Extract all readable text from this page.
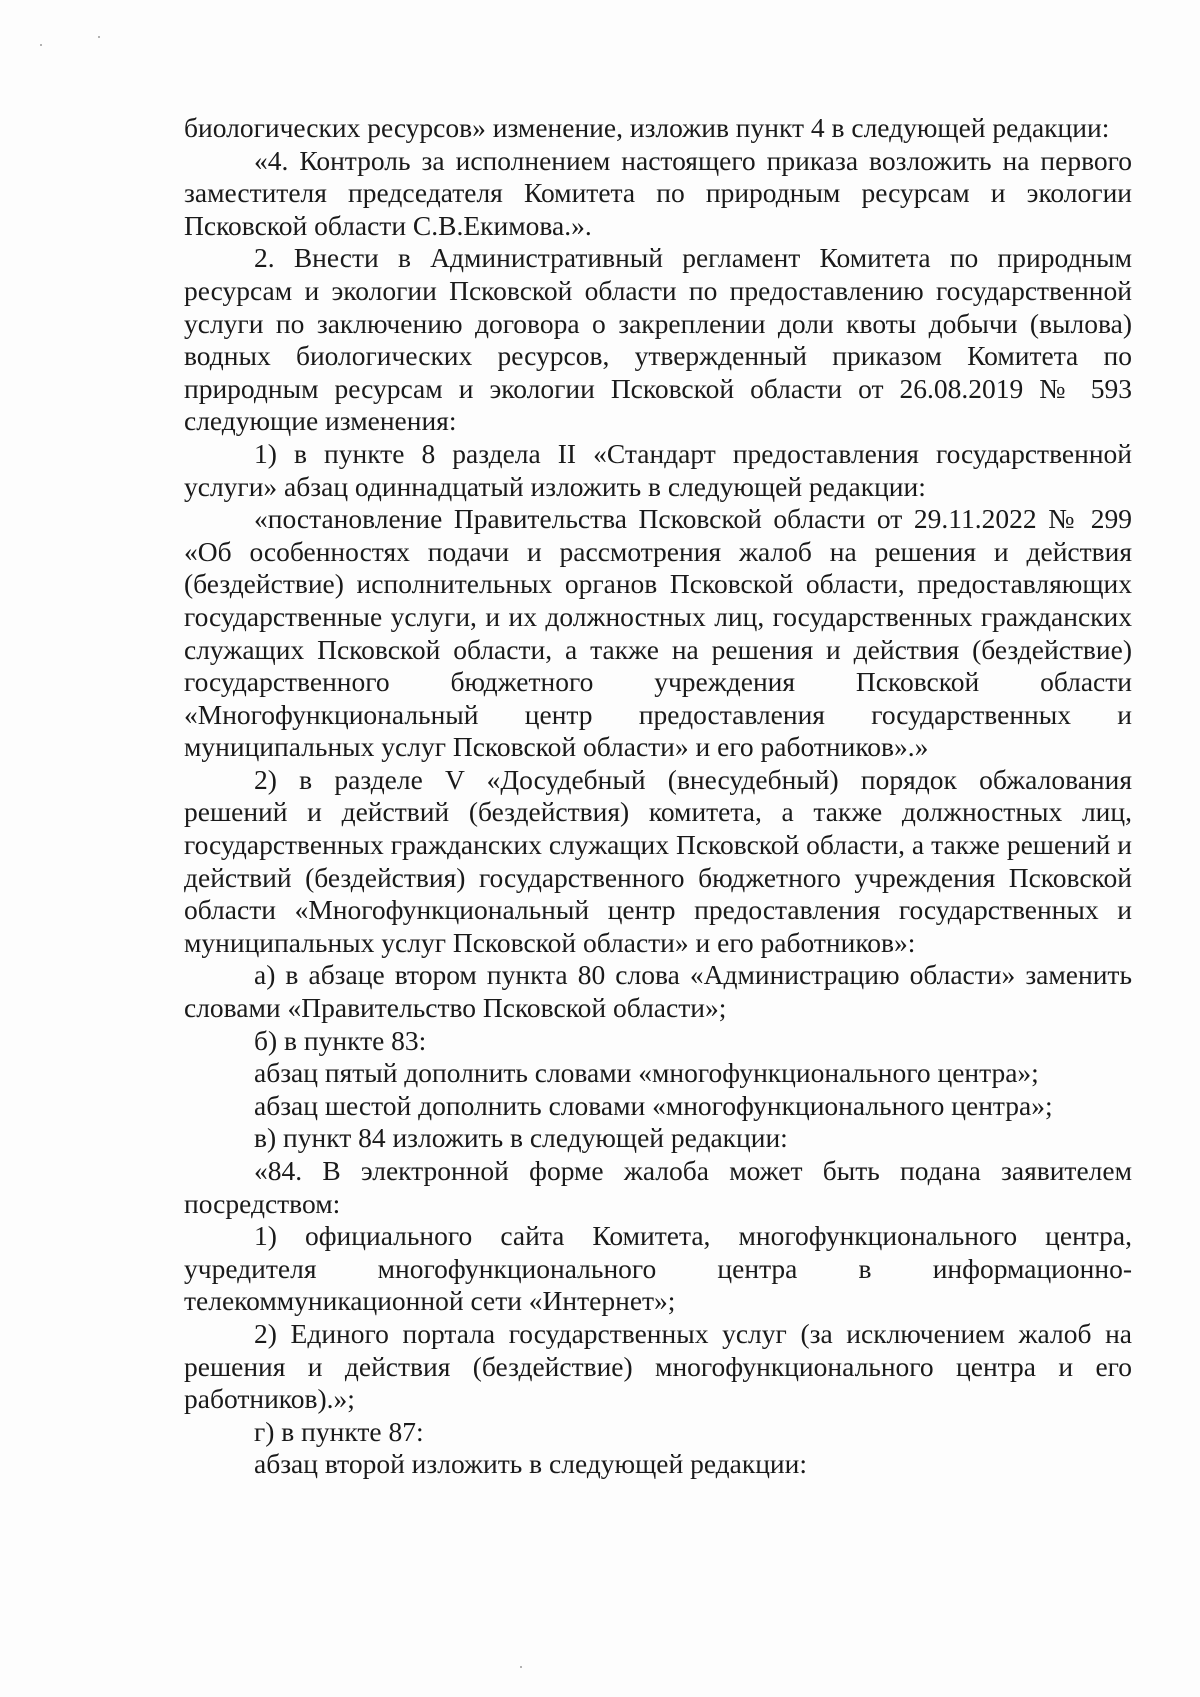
биологических ресурсов» изменение, изложив пункт 4 в следующей редакции:

«4. Контроль за исполнением настоящего приказа возложить на первого заместителя председателя Комитета по природным ресурсам и экологии Псковской области С.В.Екимова.».

2. Внести в Административный регламент Комитета по природным ресурсам и экологии Псковской области по предоставлению государственной услуги по заключению договора о закреплении доли квоты добычи (вылова) водных биологических ресурсов, утвержденный приказом Комитета по природным ресурсам и экологии Псковской области от 26.08.2019 № 593 следующие изменения:

1) в пункте 8 раздела II «Стандарт предоставления государственной услуги» абзац одиннадцатый изложить в следующей редакции:

«постановление Правительства Псковской области от 29.11.2022 № 299 «Об особенностях подачи и рассмотрения жалоб на решения и действия (бездействие) исполнительных органов Псковской области, предоставляющих государственные услуги, и их должностных лиц, государственных гражданских служащих Псковской области, а также на решения и действия (бездействие) государственного бюджетного учреждения Псковской области «Многофункциональный центр предоставления государственных и муниципальных услуг Псковской области» и его работников».»

2) в разделе V «Досудебный (внесудебный) порядок обжалования решений и действий (бездействия) комитета, а также должностных лиц, государственных гражданских служащих Псковской области, а также решений и действий (бездействия) государственного бюджетного учреждения Псковской области «Многофункциональный центр предоставления государственных и муниципальных услуг Псковской области» и его работников»:

а) в абзаце втором пункта 80 слова «Администрацию области» заменить словами «Правительство Псковской области»;

б) в пункте 83:

абзац пятый дополнить словами «многофункционального центра»;

абзац шестой дополнить словами «многофункционального центра»;

в) пункт 84 изложить в следующей редакции:

«84. В электронной форме жалоба может быть подана заявителем посредством:

1) официального сайта Комитета, многофункционального центра, учредителя многофункционального центра в информационно-телекоммуникационной сети «Интернет»;

2) Единого портала государственных услуг (за исключением жалоб на решения и действия (бездействие) многофункционального центра и его работников).»;

г) в пункте 87:

абзац второй изложить в следующей редакции:
